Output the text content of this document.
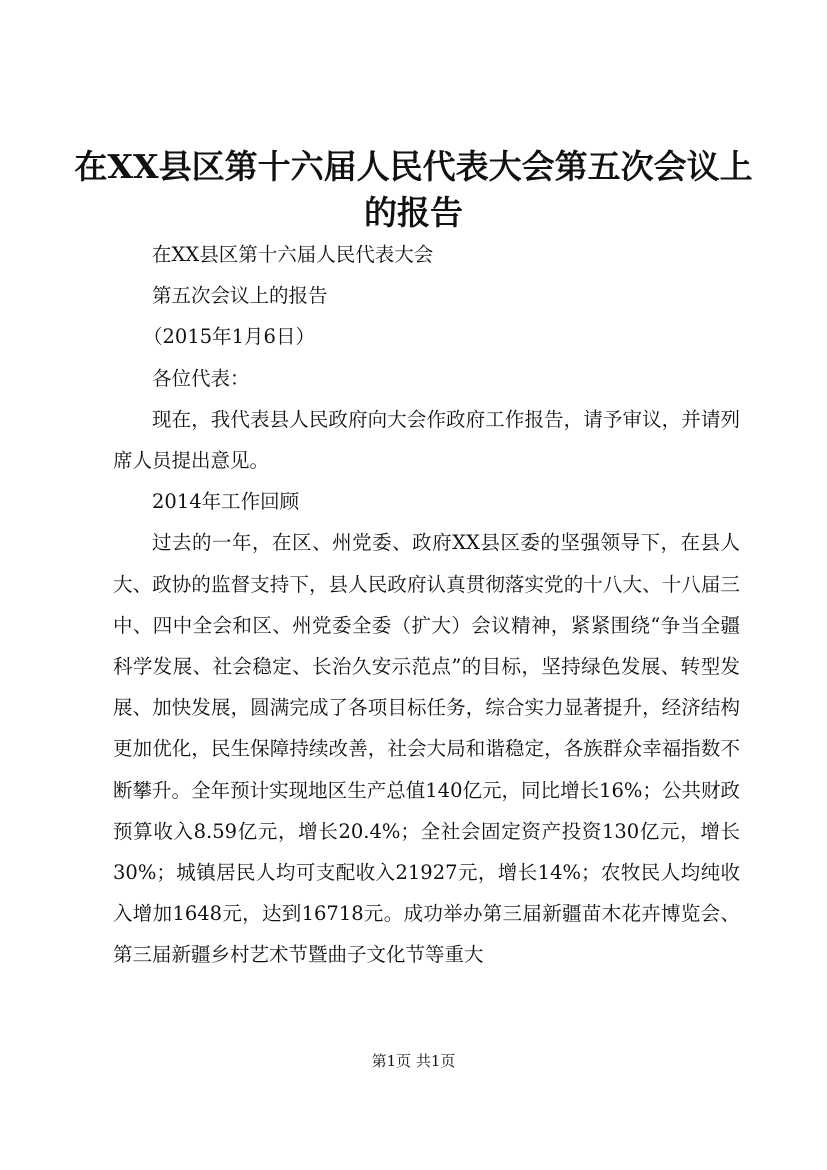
在XX县区第十六届人民代表大会第五次会议上的报告

在XX县区第十六届人民代表大会

第五次会议上的报告

（2015年1月6日）

各位代表：

现在，我代表县人民政府向大会作政府工作报告，请予审议，并请列席人员提出意见。

2014年工作回顾

过去的一年，在区、州党委、政府XX县区委的坚强领导下，在县人大、政协的监督支持下，县人民政府认真贯彻落实党的十八大、十八届三中、四中全会和区、州党委全委（扩大）会议精神，紧紧围绕“争当全疆科学发展、社会稳定、长治久安示范点”的目标，坚持绿色发展、转型发展、加快发展，圆满完成了各项目标任务，综合实力显著提升，经济结构更加优化，民生保障持续改善，社会大局和谐稳定，各族群众幸福指数不断攀升。全年预计实现地区生产总值140亿元，同比增长16%；公共财政预算收入8.59亿元，增长20.4%；全社会固定资产投资130亿元，增长30%；城镇居民人均可支配收入21927元，增长14%；农牧民人均纯收入增加1648元，达到16718元。成功举办第三届新疆苗木花卉博览会、第三届新疆乡村艺术节暨曲子文化节等重大

第1页 共1页
